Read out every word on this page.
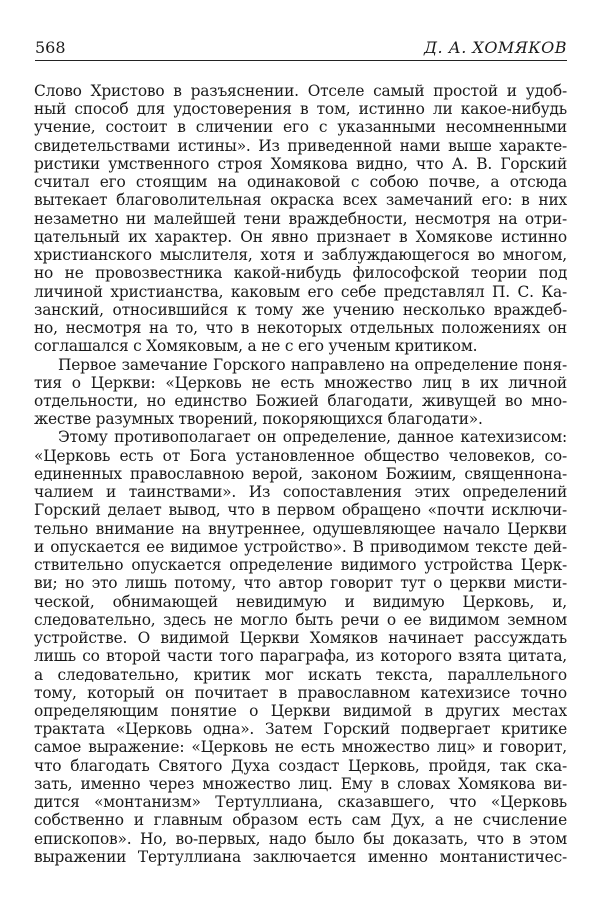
568	Д. А. ХОМЯКОВ
Слово Христово в разъяснении. Отселе самый простой и удоб-
ный способ для удостоверения в том, истинно ли какое-нибудь
учение, состоит в сличении его с указанными несомненными
свидетельствами истины». Из приведенной нами выше характе-
ристики умственного строя Хомякова видно, что А. В. Горский
считал его стоящим на одинаковой с собою почве, а отсюда
вытекает благоволительная окраска всех замечаний его: в них
незаметно ни малейшей тени враждебности, несмотря на отри-
цательный их характер. Он явно признает в Хомякове истинно
христианского мыслителя, хотя и заблуждающегося во многом,
но не провозвестника какой-нибудь философской теории под
личиной христианства, каковым его себе представлял П. С. Ка-
занский, относившийся к тому же учению несколько враждеб-
но, несмотря на то, что в некоторых отдельных положениях он
соглашался с Хомяковым, а не с его ученым критиком.
Первое замечание Горского направлено на определение поня-
тия о Церкви: «Церковь не есть множество лиц в их личной
отдельности, но единство Божией благодати, живущей во мно-
жестве разумных творений, покоряющихся благодати».
Этому противополагает он определение, данное катехизисом:
«Церковь есть от Бога установленное общество человеков, со-
единенных православною верой, законом Божиим, священнона-
чалием и таинствами». Из сопоставления этих определений
Горский делает вывод, что в первом обращено «почти исключи-
тельно внимание на внутреннее, одушевляющее начало Церкви
и опускается ее видимое устройство». В приводимом тексте дей-
ствительно опускается определение видимого устройства Церк-
ви; но это лишь потому, что автор говорит тут о церкви мисти-
ческой, обнимающей невидимую и видимую Церковь, и,
следовательно, здесь не могло быть речи о ее видимом земном
устройстве. О видимой Церкви Хомяков начинает рассуждать
лишь со второй части того параграфа, из которого взята цитата,
а следовательно, критик мог искать текста, параллельного
тому, который он почитает в православном катехизисе точно
определяющим понятие о Церкви видимой в других местах
трактата «Церковь одна». Затем Горский подвергает критике
самое выражение: «Церковь не есть множество лиц» и говорит,
что благодать Святого Духа создаст Церковь, пройдя, так ска-
зать, именно через множество лиц. Ему в словах Хомякова ви-
дится «монтанизм» Тертуллиана, сказавшего, что «Церковь
собственно и главным образом есть сам Дух, а не счисление
епископов». Но, во-первых, надо было бы доказать, что в этом
выражении Тертуллиана заключается именно монтанистичес-
